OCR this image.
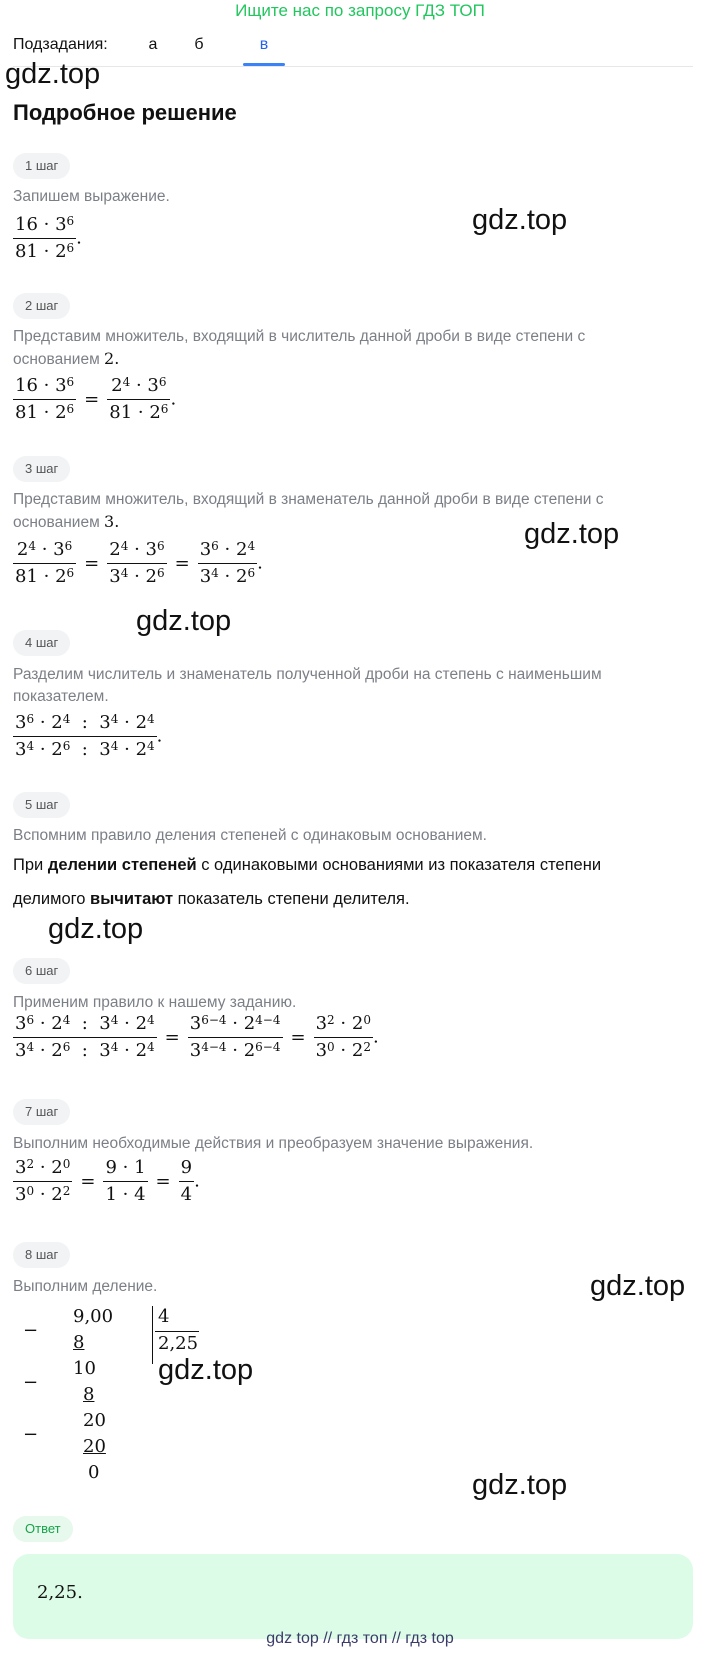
Ищите нас по запросу ГДЗ ТОП
Подзадания:	а	б	в
gdz.top
Подробное решение
1 шаг
Запишем выражение.
$\frac{16 \cdot 3^6}{81 \cdot 2^6}$ .
gdz.top
2 шаг
Представим множитель, входящий в числитель данной дроби в виде степени с основанием 2.
$\frac{16 \cdot 3^6}{81 \cdot 2^6} = \frac{2^4 \cdot 3^6}{81 \cdot 2^6}$ .
3 шаг
Представим множитель, входящий в знаменатель данной дроби в виде степени с основанием 3.
$\frac{2^4 \cdot 3^6}{81 \cdot 2^6} = \frac{2^4 \cdot 3^6}{3^4 \cdot 2^6} = \frac{3^6 \cdot 2^4}{3^4 \cdot 2^6}$ .
gdz.top
gdz.top
4 шаг
Разделим числитель и знаменатель полученной дроби на степень с наименьшим показателем.
$\frac{3^6 \cdot 2^4 : 3^4 \cdot 2^4}{3^4 \cdot 2^6 : 3^4 \cdot 2^4}$ .
5 шаг
Вспомним правило деления степеней с одинаковым основанием.
При делении степеней с одинаковыми основаниями из показателя степени
делимого вычитают показатель степени делителя.
gdz.top
6 шаг
Применим правило к нашему заданию.
$\frac{3^6 \cdot 2^4 : 3^4 \cdot 2^4}{3^4 \cdot 2^6 : 3^4 \cdot 2^4} = \frac{3^{6-4} \cdot 2^{4-4}}{3^{4-4} \cdot 2^{6-4}} = \frac{3^2 \cdot 2^0}{3^0 \cdot 2^2}$ .
7 шаг
Выполним необходимые действия и преобразуем значение выражения.
$\frac{3^2 \cdot 2^0}{3^0 \cdot 2^2} = \frac{9 \cdot 1}{1 \cdot 4} = \frac{9}{4}$ .
8 шаг
Выполним деление.	gdz.top
−
9,00
8
4
2,25
−
10
8
−
20
20
0
gdz.top
gdz.top
Ответ
2,25.
gdz top // гдз топ // гдз top
